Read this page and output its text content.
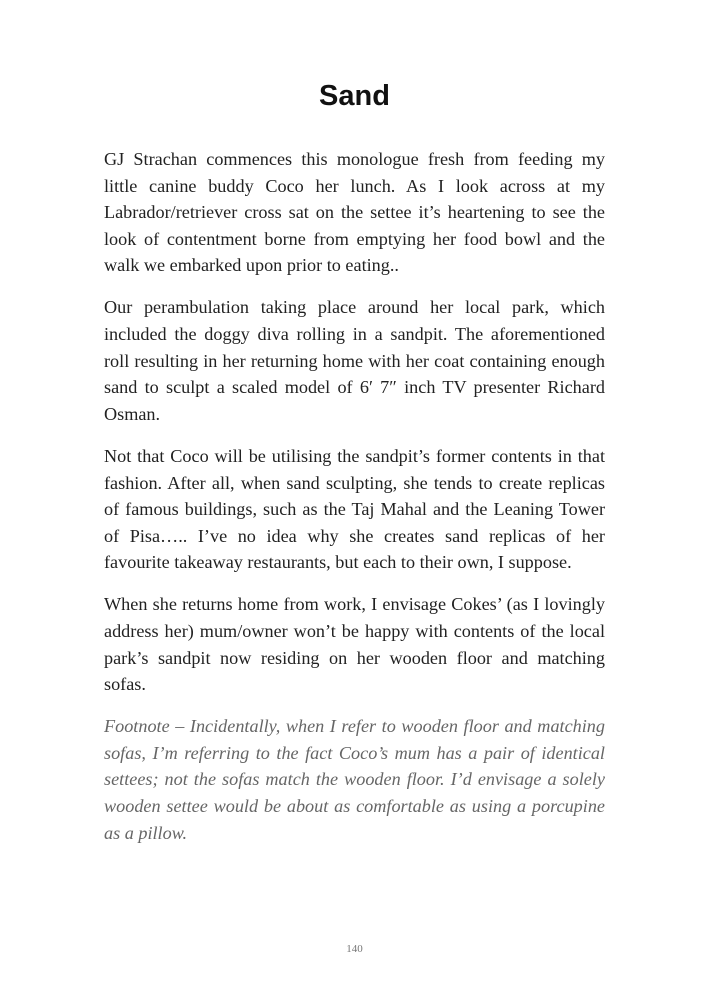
Sand

GJ Strachan commences this monologue fresh from feeding my little canine buddy Coco her lunch. As I look across at my Labrador/retriever cross sat on the settee it’s heartening to see the look of contentment borne from emptying her food bowl and the walk we embarked upon prior to eating..

Our perambulation taking place around her local park, which included the doggy diva rolling in a sandpit. The aforementioned roll resulting in her returning home with her coat containing enough sand to sculpt a scaled model of 6′ 7″ inch TV presenter Richard Osman.

Not that Coco will be utilising the sandpit’s former contents in that fashion. After all, when sand sculpting, she tends to create replicas of famous buildings, such as the Taj Mahal and the Leaning Tower of Pisa….. I’ve no idea why she creates sand replicas of her favourite takeaway restaurants, but each to their own, I suppose.

When she returns home from work, I envisage Cokes’ (as I lovingly address her) mum/owner won’t be happy with contents of the local park’s sandpit now residing on her wooden floor and matching sofas.

Footnote – Incidentally, when I refer to wooden floor and matching sofas, I’m referring to the fact Coco’s mum has a pair of identical settees; not the sofas match the wooden floor. I’d envisage a solely wooden settee would be about as comfortable as using a porcupine as a pillow.

140
